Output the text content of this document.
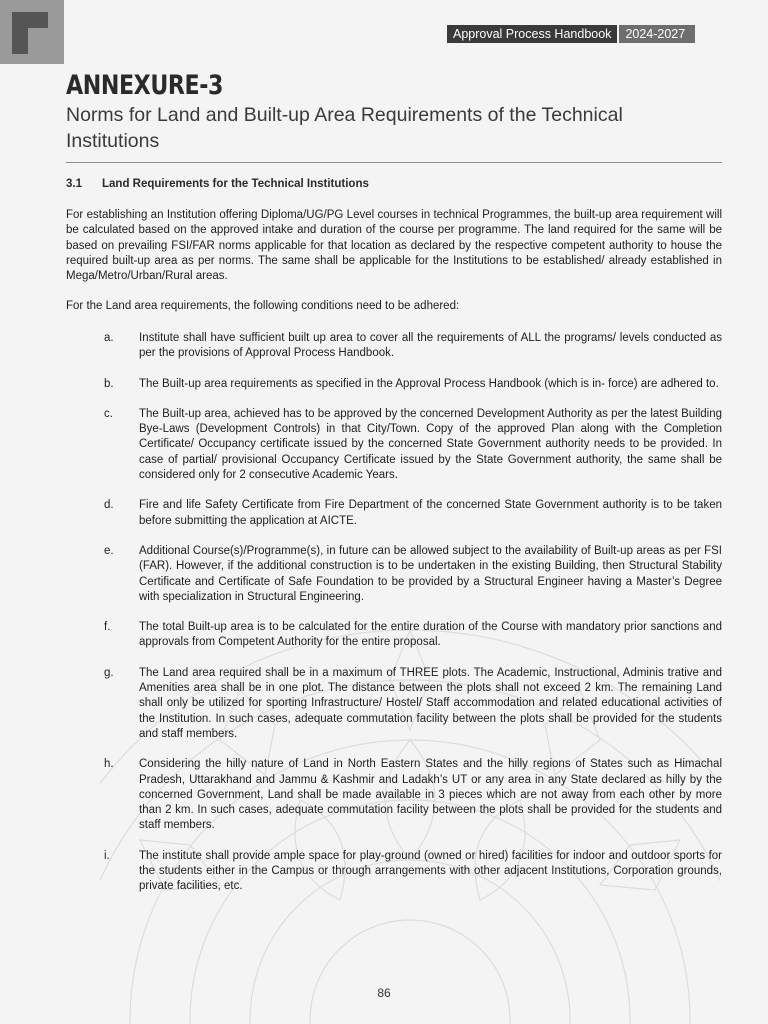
Approval Process Handbook	2024-2027
ANNEXURE-3
Norms for Land and Built-up Area Requirements of the Technical Institutions
3.1 Land Requirements for the Technical Institutions
For establishing an Institution offering Diploma/UG/PG Level courses in technical Programmes, the built-up area requirement will be calculated based on the approved intake and duration of the course per programme. The land required for the same will be based on prevailing FSI/FAR norms applicable for that location as declared by the respective competent authority to house the required built-up area as per norms. The same shall be applicable for the Institutions to be established/ already established in Mega/Metro/Urban/Rural areas.
For the Land area requirements, the following conditions need to be adhered:
a.	Institute shall have sufficient built up area to cover all the requirements of ALL the programs/ levels conducted as per the provisions of Approval Process Handbook.
b.	The Built-up area requirements as specified in the Approval Process Handbook (which is in- force) are adhered to.
c.	The Built-up area, achieved has to be approved by the concerned Development Authority as per the latest Building Bye-Laws (Development Controls) in that City/Town. Copy of the approved Plan along with the Completion Certificate/ Occupancy certificate issued by the concerned State Government authority needs to be provided. In case of partial/ provisional Occupancy Certificate issued by the State Government authority, the same shall be considered only for 2 consecutive Academic Years.
d.	Fire and life Safety Certificate from Fire Department of the concerned State Government authority is to be taken before submitting the application at AICTE.
e.	Additional Course(s)/Programme(s), in future can be allowed subject to the availability of Built-up areas as per FSI (FAR). However, if the additional construction is to be undertaken in the existing Building, then Structural Stability Certificate and Certificate of Safe Foundation to be provided by a Structural Engineer having a Master’s Degree with specialization in Structural Engineering.
f.	The total Built-up area is to be calculated for the entire duration of the Course with mandatory prior sanctions and approvals from Competent Authority for the entire proposal.
g.	The Land area required shall be in a maximum of THREE plots. The Academic, Instructional, Adminis trative and Amenities area shall be in one plot. The distance between the plots shall not exceed 2 km. The remaining Land shall only be utilized for sporting Infrastructure/ Hostel/ Staff accommodation and related educational activities of the Institution. In such cases, adequate commutation facility between the plots shall be provided for the students and staff members.
h.	Considering the hilly nature of Land in North Eastern States and the hilly regions of States such as Himachal Pradesh, Uttarakhand and Jammu & Kashmir and Ladakh’s UT or any area in any State declared as hilly by the concerned Government, Land shall be made available in 3 pieces which are not away from each other by more than 2 km. In such cases, adequate commutation facility between the plots shall be provided for the students and staff members.
i.	The institute shall provide ample space for play-ground (owned or hired) facilities for indoor and outdoor sports for the students either in the Campus or through arrangements with other adjacent Institutions, Corporation grounds, private facilities, etc.
86
